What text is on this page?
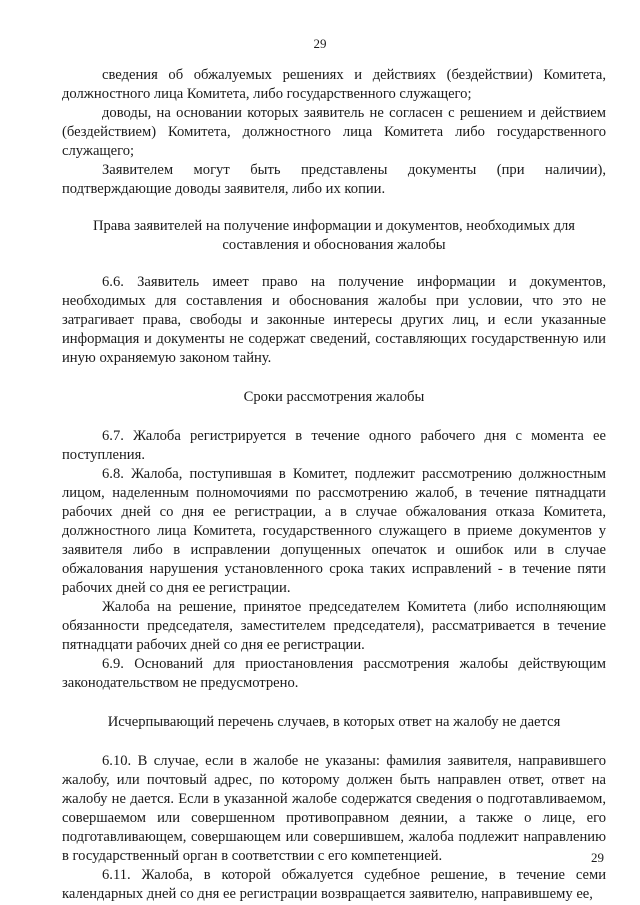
29

сведения об обжалуемых решениях и действиях (бездействии) Комитета, должностного лица Комитета, либо государственного служащего;

доводы, на основании которых заявитель не согласен с решением и действием (бездействием) Комитета, должностного лица Комитета либо государственного служащего;

Заявителем могут быть представлены документы (при наличии), подтверждающие доводы заявителя, либо их копии.

Права заявителей на получение информации и документов, необходимых для составления и обоснования жалобы

6.6. Заявитель имеет право на получение информации и документов, необходимых для составления и обоснования жалобы при условии, что это не затрагивает права, свободы и законные интересы других лиц, и если указанные информация и документы не содержат сведений, составляющих государственную или иную охраняемую законом тайну.

Сроки рассмотрения жалобы

6.7. Жалоба регистрируется в течение одного рабочего дня с момента ее поступления.

6.8. Жалоба, поступившая в Комитет, подлежит рассмотрению должностным лицом, наделенным полномочиями по рассмотрению жалоб, в течение пятнадцати рабочих дней со дня ее регистрации, а в случае обжалования отказа Комитета, должностного лица Комитета, государственного служащего в приеме документов у заявителя либо в исправлении допущенных опечаток и ошибок или в случае обжалования нарушения установленного срока таких исправлений - в течение пяти рабочих дней со дня ее регистрации.

Жалоба на решение, принятое председателем Комитета (либо исполняющим обязанности председателя, заместителем председателя), рассматривается в течение пятнадцати рабочих дней со дня ее регистрации.

6.9. Оснований для приостановления рассмотрения жалобы действующим законодательством не предусмотрено.

Исчерпывающий перечень случаев, в которых ответ на жалобу не дается

6.10. В случае, если в жалобе не указаны: фамилия заявителя, направившего жалобу, или почтовый адрес, по которому должен быть направлен ответ, ответ на жалобу не дается. Если в указанной жалобе содержатся сведения о подготавливаемом, совершаемом или совершенном противоправном деянии, а также о лице, его подготавливающем, совершающем или совершившем, жалоба подлежит направлению в государственный орган в соответствии с его компетенцией.

6.11. Жалоба, в которой обжалуется судебное решение, в течение семи календарных дней со дня ее регистрации возвращается заявителю, направившему ее,

29
